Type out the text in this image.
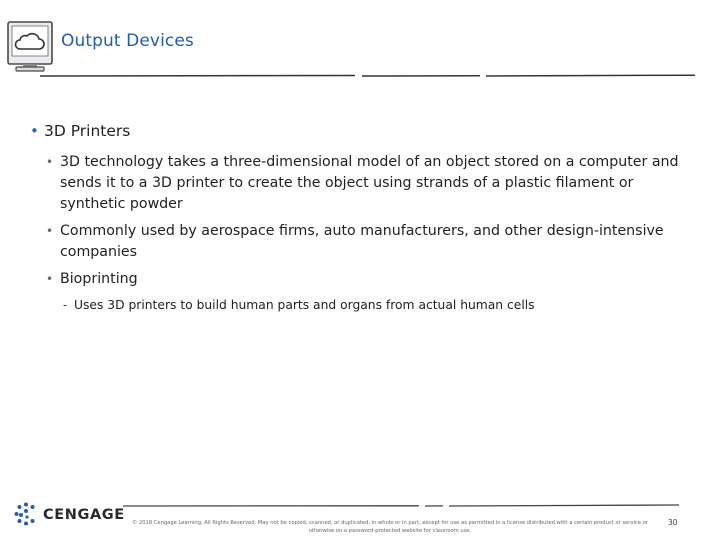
Output Devices
• 3D Printers
• 3D technology takes a three-dimensional model of an object stored on a computer and sends it to a 3D printer to create the object using strands of a plastic filament or synthetic powder
• Commonly used by aerospace firms, auto manufacturers, and other design-intensive companies
• Bioprinting
- Uses 3D printers to build human parts and organs from actual human cells
CENGAGE	© 2018 Cengage Learning. All Rights Reserved. May not be copied, scanned, or duplicated, in whole or in part, except for use as permitted in a license distributed with a certain product or service or otherwise on a password-protected website for classroom use.
30
